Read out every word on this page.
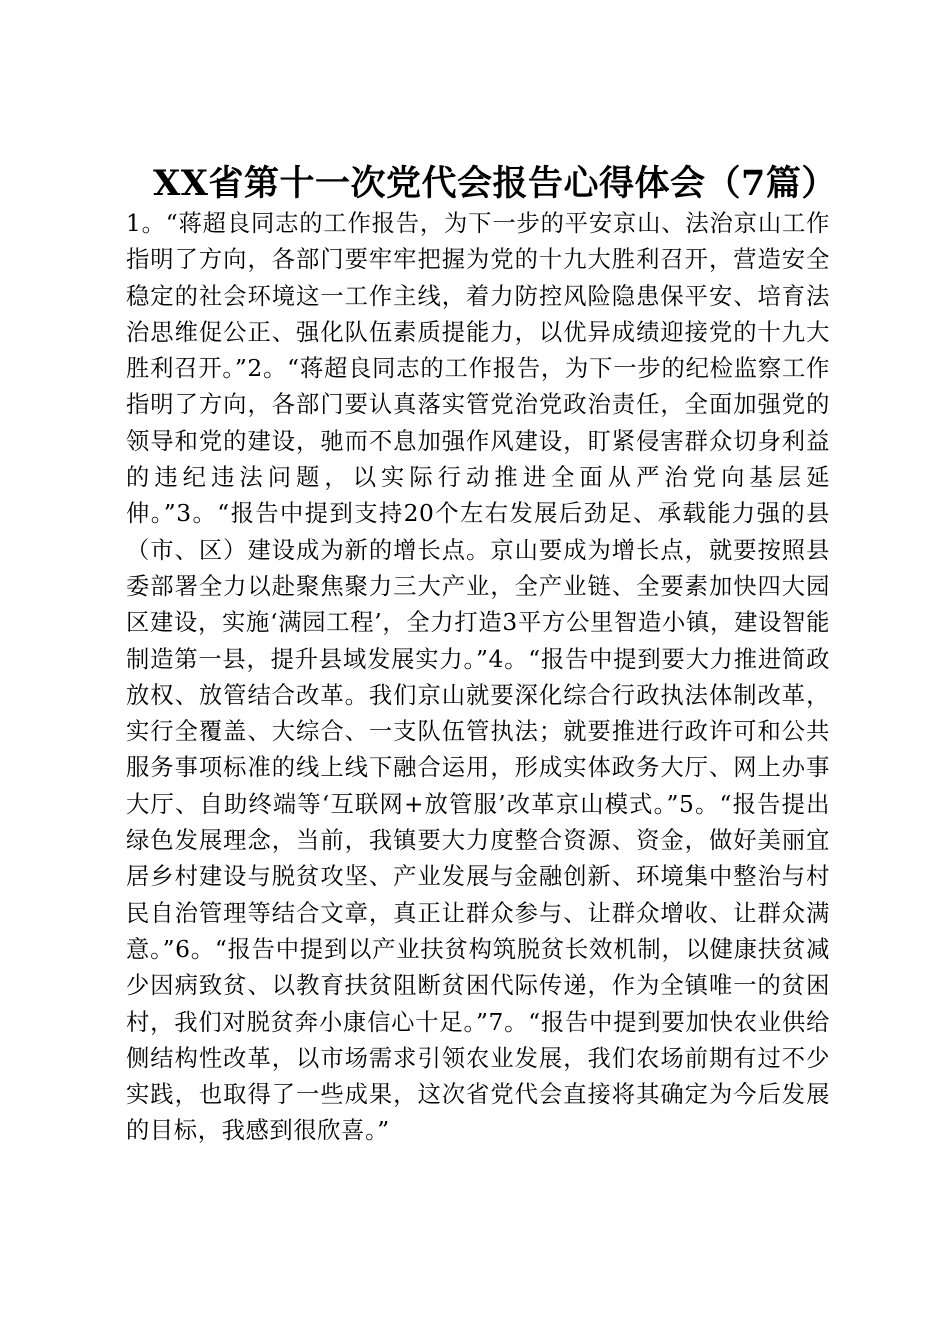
XX省第十一次党代会报告心得体会（7篇）

1。“蒋超良同志的工作报告，为下一步的平安京山、法治京山工作指明了方向，各部门要牢牢把握为党的十九大胜利召开，营造安全稳定的社会环境这一工作主线，着力防控风险隐患保平安、培育法治思维促公正、强化队伍素质提能力，以优异成绩迎接党的十九大胜利召开。”2。“蒋超良同志的工作报告，为下一步的纪检监察工作指明了方向，各部门要认真落实管党治党政治责任，全面加强党的领导和党的建设，驰而不息加强作风建设，盯紧侵害群众切身利益的违纪违法问题，以实际行动推进全面从严治党向基层延伸。”3。“报告中提到支持20个左右发展后劲足、承载能力强的县（市、区）建设成为新的增长点。京山要成为增长点，就要按照县委部署全力以赴聚焦聚力三大产业，全产业链、全要素加快四大园区建设，实施‘满园工程’，全力打造3平方公里智造小镇，建设智能制造第一县，提升县域发展实力。”4。“报告中提到要大力推进简政放权、放管结合改革。我们京山就要深化综合行政执法体制改革，实行全覆盖、大综合、一支队伍管执法；就要推进行政许可和公共服务事项标准的线上线下融合运用，形成实体政务大厅、网上办事大厅、自助终端等‘互联网+放管服’改革京山模式。”5。“报告提出绿色发展理念，当前，我镇要大力度整合资源、资金，做好美丽宜居乡村建设与脱贫攻坚、产业发展与金融创新、环境集中整治与村民自治管理等结合文章，真正让群众参与、让群众增收、让群众满意。”6。“报告中提到以产业扶贫构筑脱贫长效机制，以健康扶贫减少因病致贫、以教育扶贫阻断贫困代际传递，作为全镇唯一的贫困村，我们对脱贫奔小康信心十足。”7。“报告中提到要加快农业供给侧结构性改革，以市场需求引领农业发展，我们农场前期有过不少实践，也取得了一些成果，这次省党代会直接将其确定为今后发展的目标，我感到很欣喜。”
